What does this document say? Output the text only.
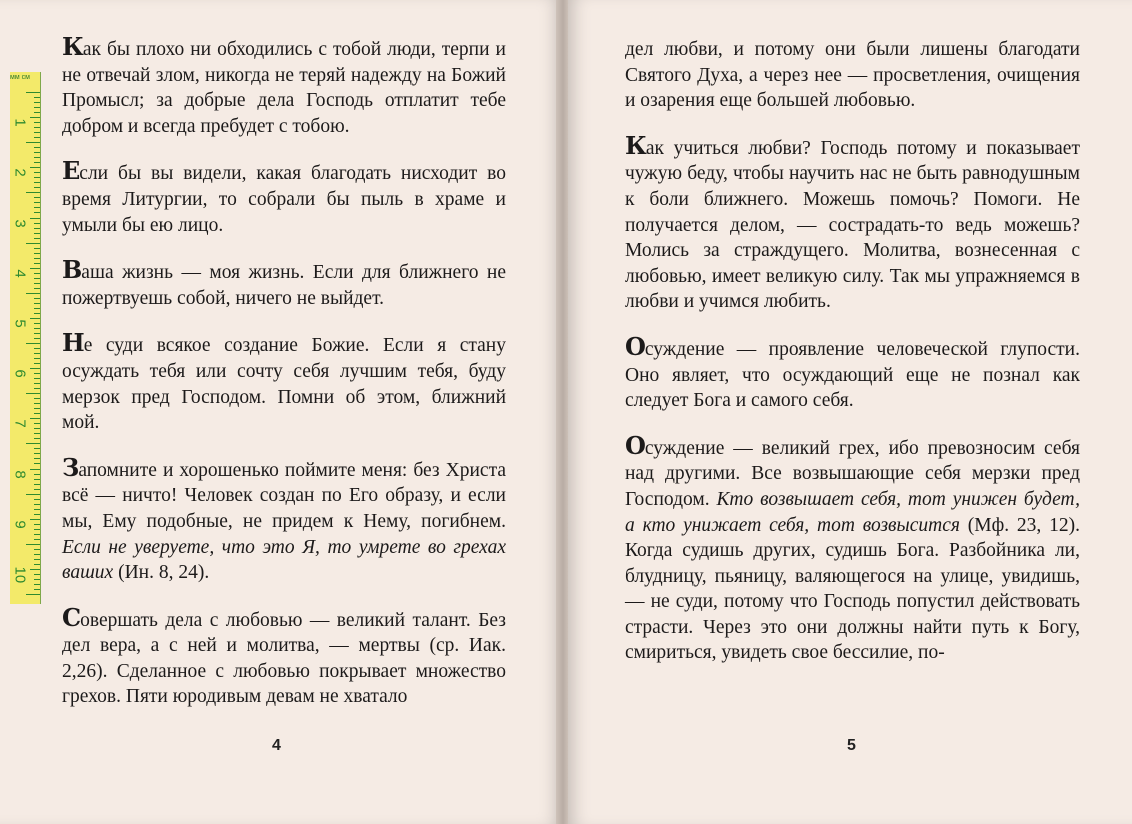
Как бы плохо ни обходились с тобой люди, терпи и не отвечай злом, никогда не теряй надежду на Божий Промысл; за добрые дела Господь отплатит тебе добром и всегда пребудет с тобою.

Если бы вы видели, какая благодать нисходит во время Литургии, то собрали бы пыль в храме и умыли бы ею лицо.

Ваша жизнь — моя жизнь. Если для ближнего не пожертвуешь собой, ничего не выйдет.

Не суди всякое создание Божие. Если я стану осуждать тебя или сочту себя лучшим тебя, буду мерзок пред Господом. Помни об этом, ближний мой.

Запомните и хорошенько поймите меня: без Христа всё — ничто! Человек создан по Его образу, и если мы, Ему подобные, не придем к Нему, погибнем. Если не уверуете, что это Я, то умрете во грехах ваших (Ин. 8, 24).

Совершать дела с любовью — великий талант. Без дел вера, а с ней и молитва, — мертвы (ср. Иак. 2,26). Сделанное с любовью покрывает множество грехов. Пяти юродивым девам не хватало

4
мм см
1
2
3
4
5
6
7
8
9
10

дел любви, и потому они были лишены благодати Святого Духа, а через нее — просветления, очищения и озарения еще большей любовью.

Как учиться любви? Господь потому и показывает чужую беду, чтобы научить нас не быть равнодушным к боли ближнего. Можешь помочь? Помоги. Не получается делом, — сострадать-то ведь можешь? Молись за страждущего. Молитва, вознесенная с любовью, имеет великую силу. Так мы упражняемся в любви и учимся любить.

Осуждение — проявление человеческой глупости. Оно являет, что осуждающий еще не познал как следует Бога и самого себя.

Осуждение — великий грех, ибо превозносим себя над другими. Все возвышающие себя мерзки пред Господом. Кто возвышает себя, тот унижен будет, а кто унижает себя, тот возвысится (Мф. 23, 12). Когда судишь других, судишь Бога. Разбойника ли, блудницу, пьяницу, валяющегося на улице, увидишь, — не суди, потому что Господь попустил действовать страсти. Через это они должны найти путь к Богу, смириться, увидеть свое бессилие, по-

5
